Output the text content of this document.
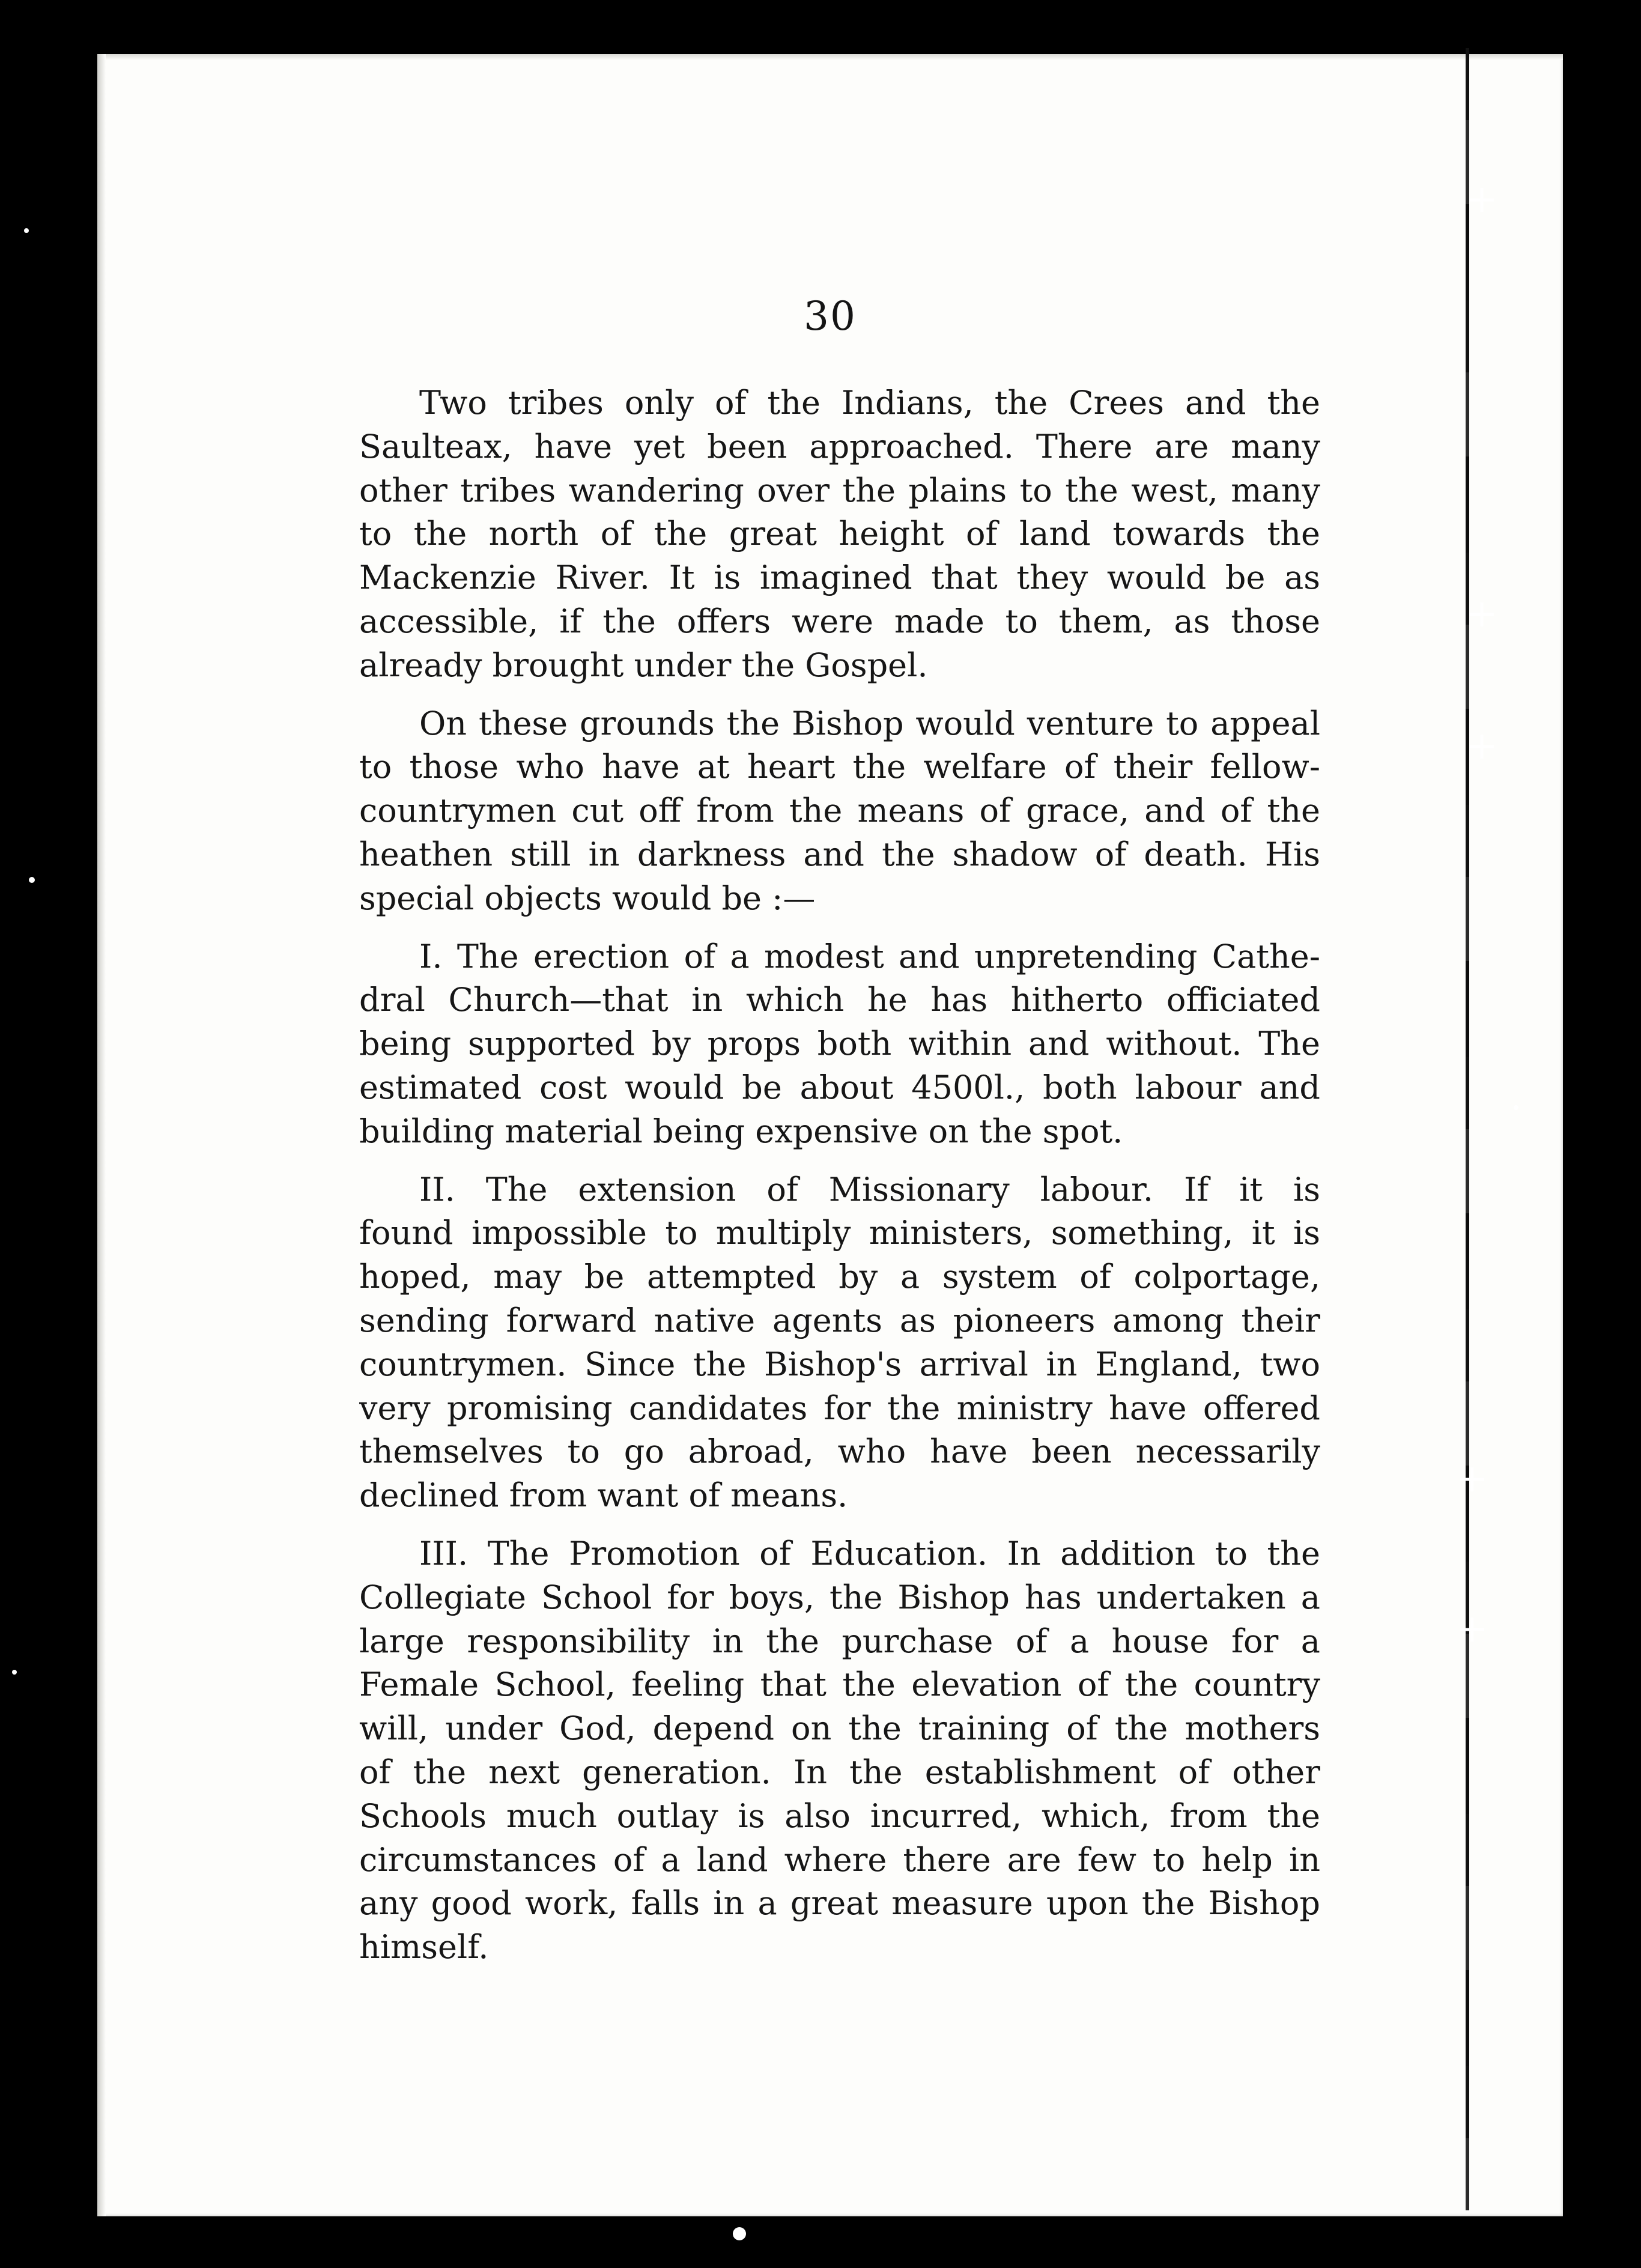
30
Two tribes only of the Indians, the Crees and the
Saulteax, have yet been approached. There are many
other tribes wandering over the plains to the west, many
to the north of the great height of land towards the
Mackenzie River. It is imagined that they would be as
accessible, if the offers were made to them, as those
already brought under the Gospel.
On these grounds the Bishop would venture to appeal
to those who have at heart the welfare of their fellow-
countrymen cut off from the means of grace, and of the
heathen still in darkness and the shadow of death. His
special objects would be :—
I. The erection of a modest and unpretending Cathe-
dral Church—that in which he has hitherto officiated
being supported by props both within and without. The
estimated cost would be about 4500l., both labour and
building material being expensive on the spot.
II. The extension of Missionary labour. If it is
found impossible to multiply ministers, something, it is
hoped, may be attempted by a system of colportage,
sending forward native agents as pioneers among their
countrymen. Since the Bishop's arrival in England, two
very promising candidates for the ministry have offered
themselves to go abroad, who have been necessarily
declined from want of means.
III. The Promotion of Education. In addition to the
Collegiate School for boys, the Bishop has undertaken a
large responsibility in the purchase of a house for a
Female School, feeling that the elevation of the country
will, under God, depend on the training of the mothers
of the next generation. In the establishment of other
Schools much outlay is also incurred, which, from the
circumstances of a land where there are few to help in
any good work, falls in a great measure upon the Bishop
himself.
+
+
+
+
+
